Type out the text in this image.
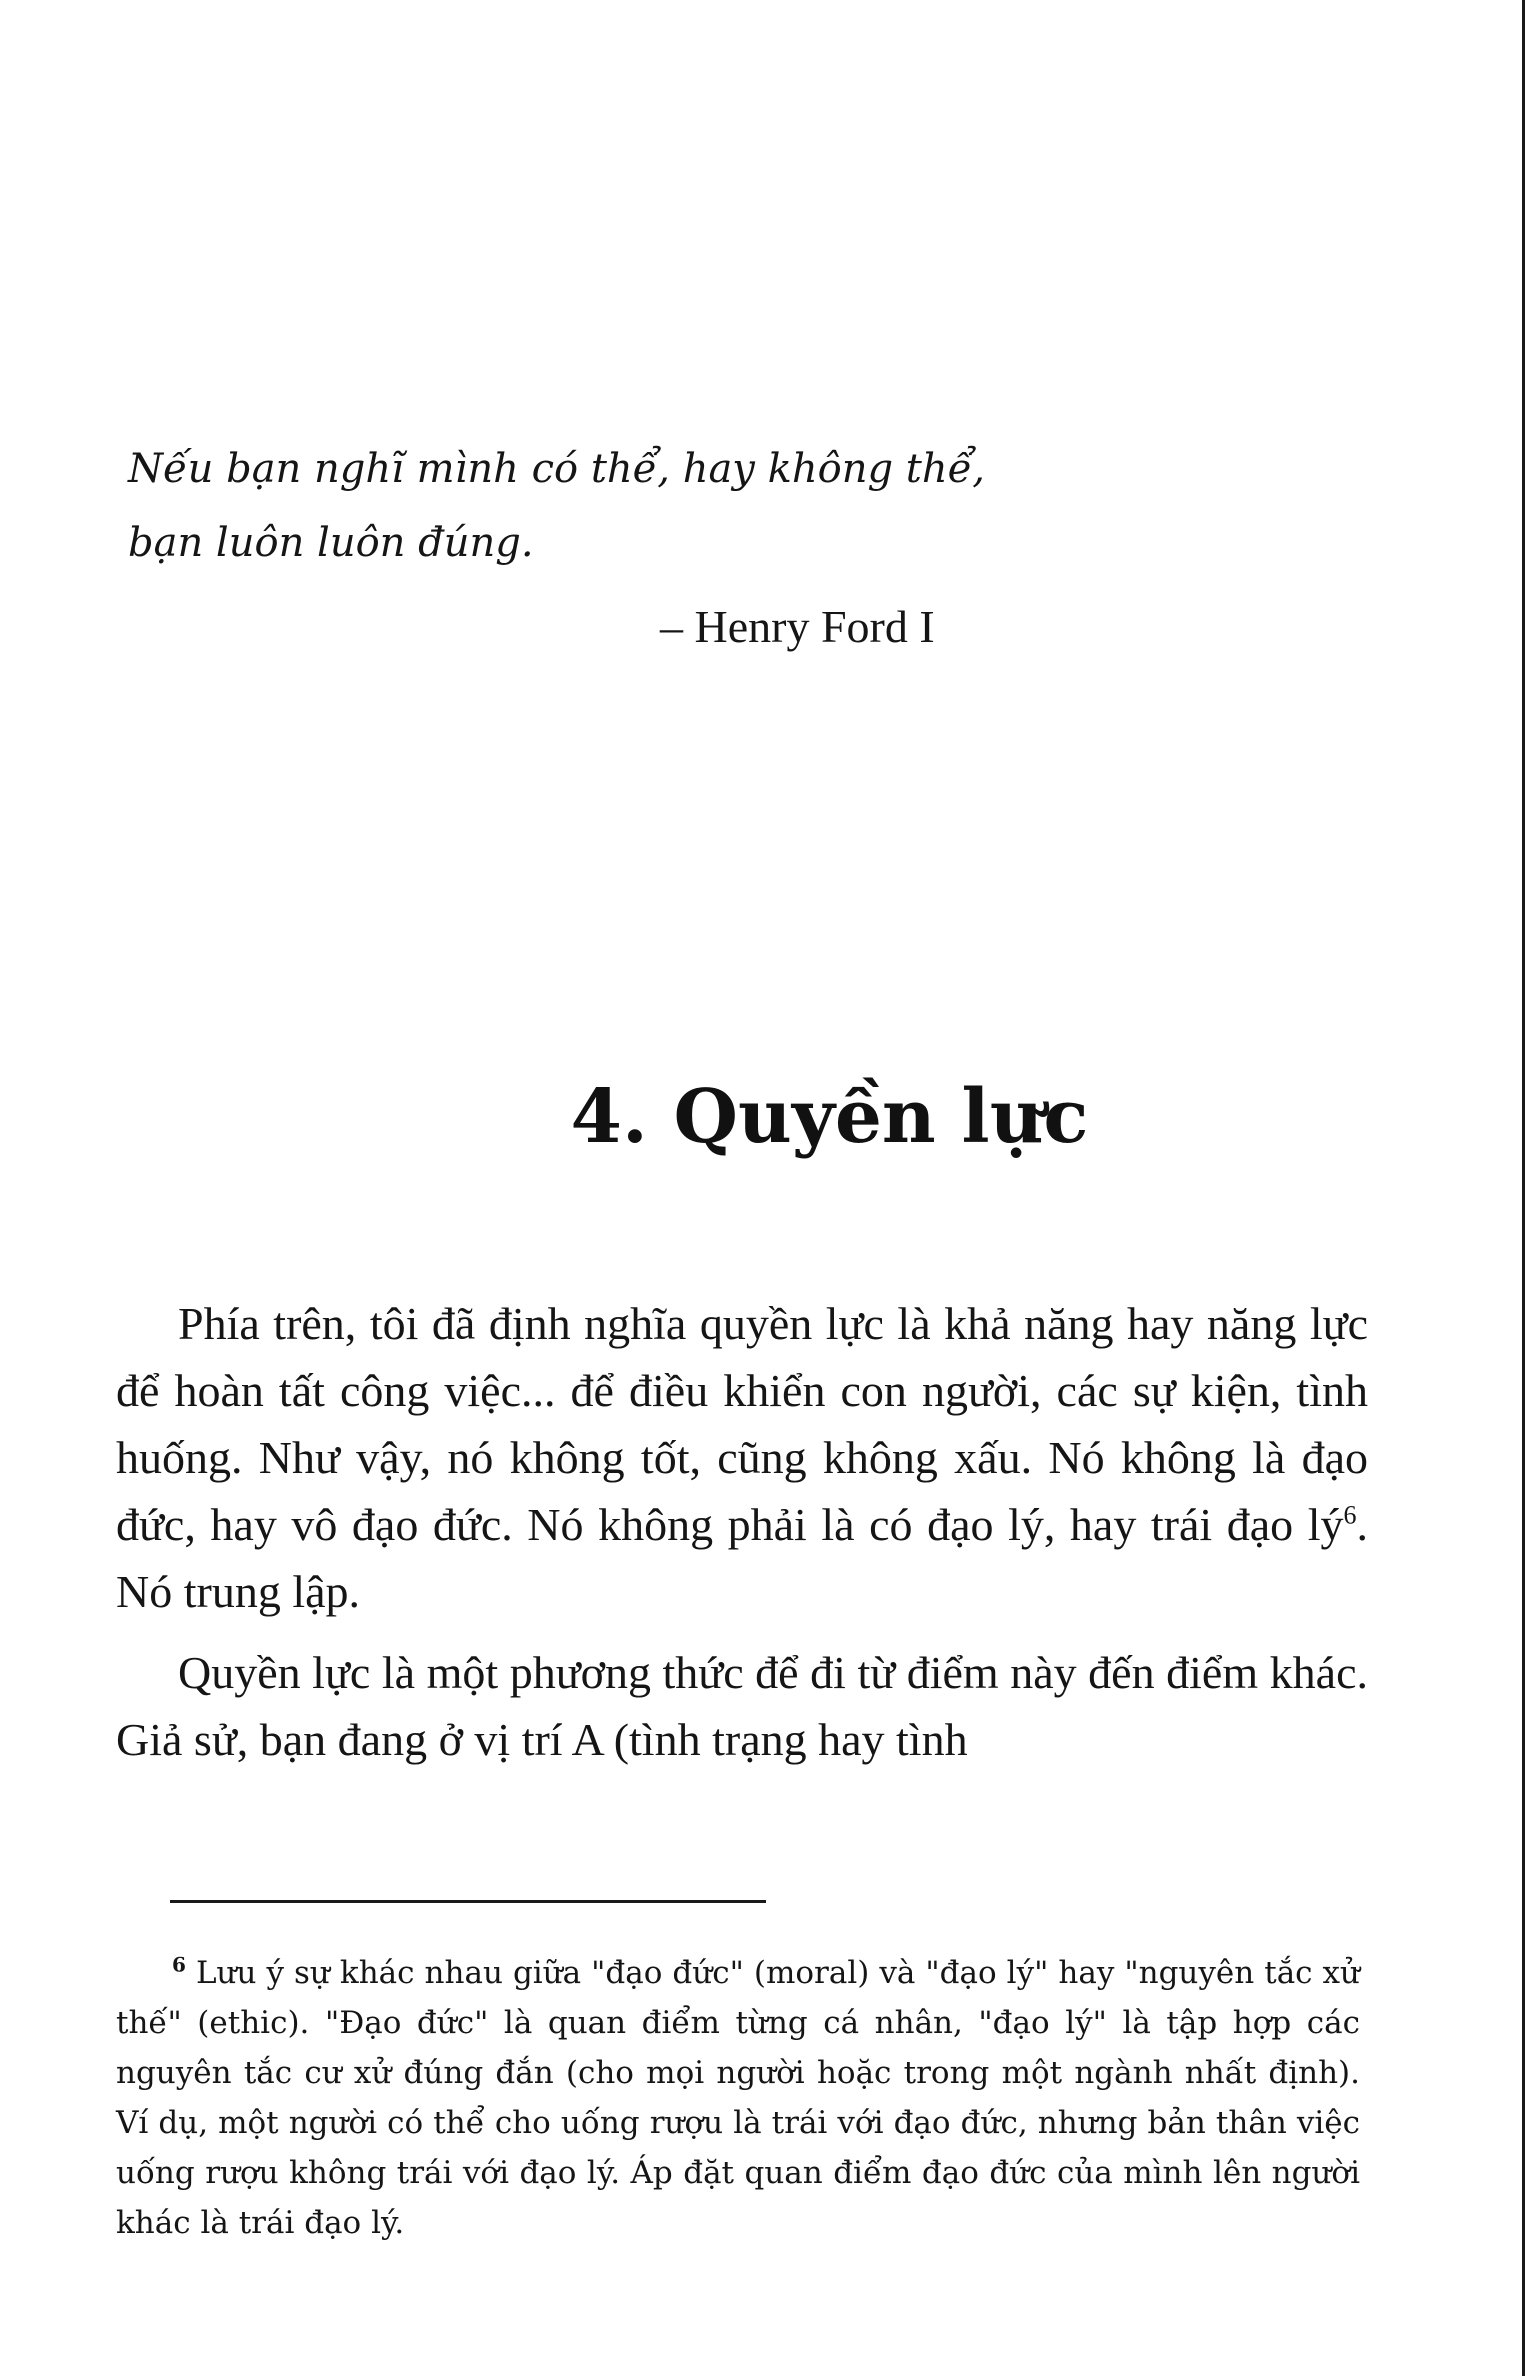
Nếu bạn nghĩ mình có thể, hay không thể,
bạn luôn luôn đúng.
– Henry Ford I
4. Quyền lực

Phía trên, tôi đã định nghĩa quyền lực là khả năng hay năng lực để hoàn tất công việc... để điều khiển con người, các sự kiện, tình huống. Như vậy, nó không tốt, cũng không xấu. Nó không là đạo đức, hay vô đạo đức. Nó không phải là có đạo lý, hay trái đạo $lý^6$. Nó trung lập.

Quyền lực là một phương thức để đi từ điểm này đến điểm khác. Giả sử, bạn đang ở vị trí A (tình trạng hay tình

$^6$ Lưu ý sự khác nhau giữa "đạo đức" (moral) và "đạo lý" hay "nguyên tắc xử thế" (ethic). "Đạo đức" là quan điểm từng cá nhân, "đạo lý" là tập hợp các nguyên tắc cư xử đúng đắn (cho mọi người hoặc trong một ngành nhất định). Ví dụ, một người có thể cho uống rượu là trái với đạo đức, nhưng bản thân việc uống rượu không trái với đạo lý. Áp đặt quan điểm đạo đức của mình lên người khác là trái đạo lý.
